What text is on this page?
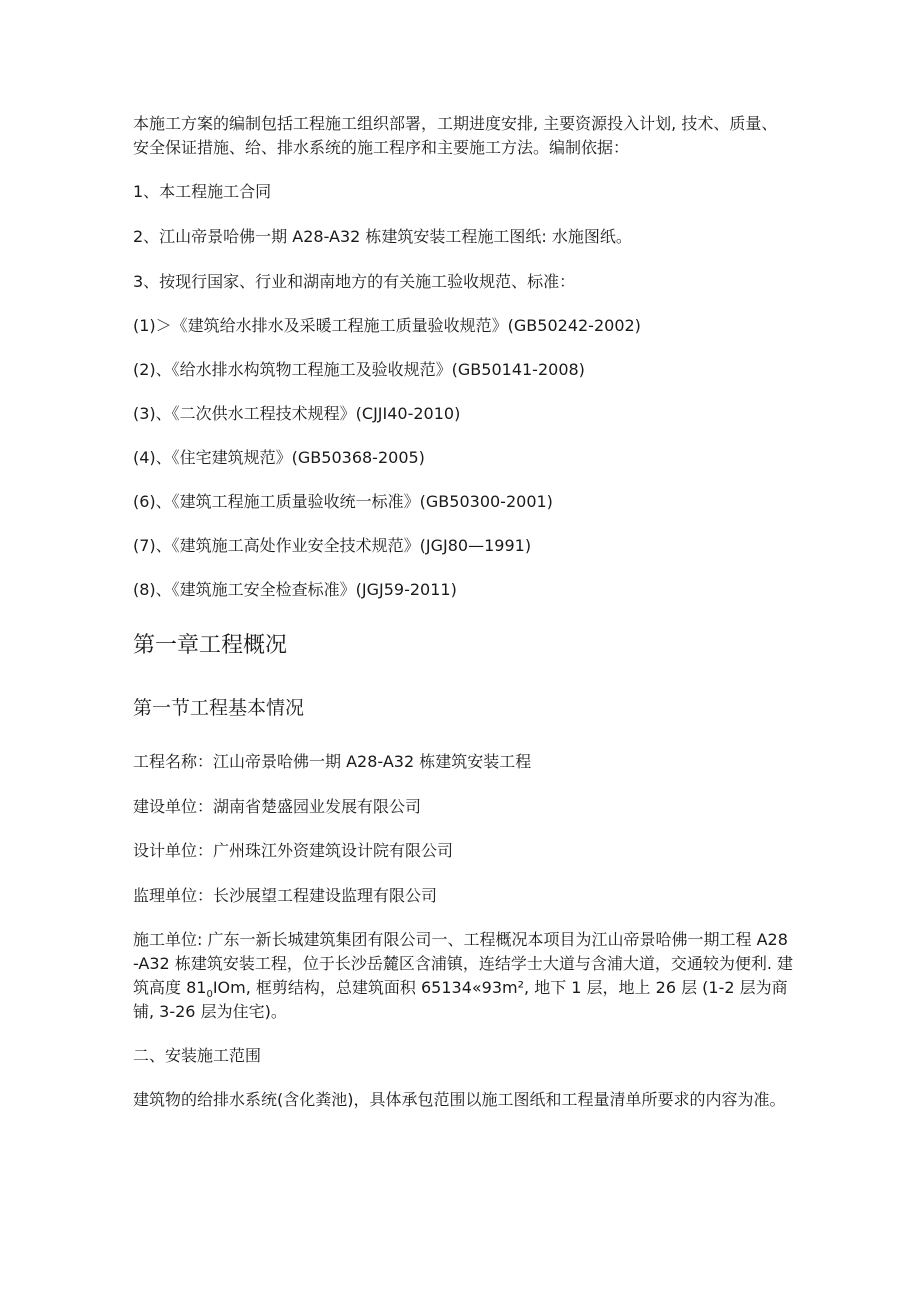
本施工方案的编制包括工程施工组织部署，工期进度安排, 主要资源投入计划, 技术、质量、安全保证措施、给、排水系统的施工程序和主要施工方法。编制依据：

1、本工程施工合同

2、江山帝景哈佛一期 A28-A32 栋建筑安装工程施工图纸: 水施图纸。

3、按现行国家、行业和湖南地方的有关施工验收规范、标准：

(1)＞《建筑给水排水及采暖工程施工质量验收规范》(GB50242-2002)

(2)、《给水排水构筑物工程施工及验收规范》(GB50141-2008)

(3)、《二次供水工程技术规程》(CJJI40-2010)

(4)、《住宅建筑规范》(GB50368-2005)

(6)、《建筑工程施工质量验收统一标准》(GB50300-2001)

(7)、《建筑施工高处作业安全技术规范》(JGJ80—1991)

(8)、《建筑施工安全检查标准》(JGJ59-2011)

第一章工程概况
第一节工程基本情况

工程名称：江山帝景哈佛一期 A28-A32 栋建筑安装工程

建设单位：湖南省楚盛园业发展有限公司

设计单位：广州珠江外资建筑设计院有限公司

监理单位：长沙展望工程建设监理有限公司

施工单位: 广东一新长城建筑集团有限公司一、工程概况本项目为江山帝景哈佛一期工程 A28-A32 栋建筑安装工程，位于长沙岳麓区含浦镇，连结学士大道与含浦大道，交通较为便利. 建筑高度 $81_0IOm$, 框剪结构，总建筑面积 65134«93m², 地下 1 层，地上 26 层 (1-2 层为商铺, 3-26 层为住宅)。

二、安装施工范围

建筑物的给排水系统(含化粪池)，具体承包范围以施工图纸和工程量清单所要求的内容为准。
